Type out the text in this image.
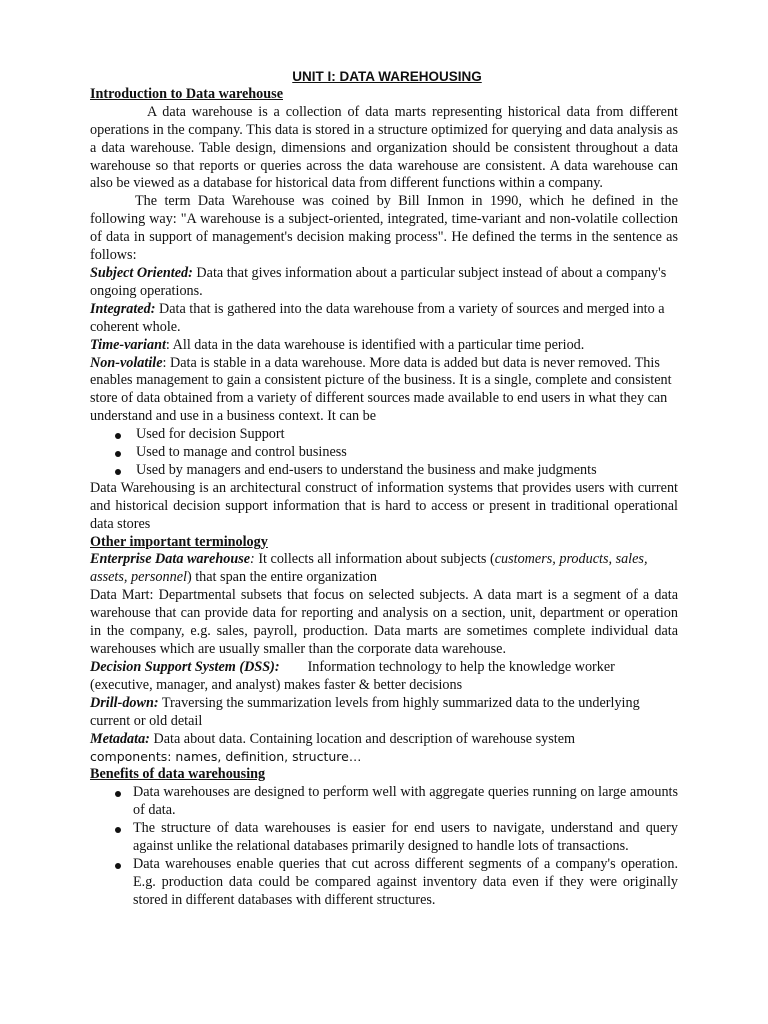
UNIT I: DATA WAREHOUSING
Introduction to Data warehouse

A data warehouse is a collection of data marts representing historical data from different operations in the company. This data is stored in a structure optimized for querying and data analysis as a data warehouse. Table design, dimensions and organization should be consistent throughout a data warehouse so that reports or queries across the data warehouse are consistent. A data warehouse can also be viewed as a database for historical data from different functions within a company.

The term Data Warehouse was coined by Bill Inmon in 1990, which he defined in the following way: "A warehouse is a subject-oriented, integrated, time-variant and non-volatile collection of data in support of management's decision making process". He defined the terms in the sentence as follows:

Subject Oriented: Data that gives information about a particular subject instead of about a company's ongoing operations.

Integrated: Data that is gathered into the data warehouse from a variety of sources and merged into a coherent whole.

Time-variant: All data in the data warehouse is identified with a particular time period.

Non-volatile: Data is stable in a data warehouse. More data is added but data is never removed. This enables management to gain a consistent picture of the business. It is a single, complete and consistent store of data obtained from a variety of different sources made available to end users in what they can understand and use in a business context. It can be

Used for decision Support
Used to manage and control business
Used by managers and end-users to understand the business and make judgments

Data Warehousing is an architectural construct of information systems that provides users with current and historical decision support information that is hard to access or present in traditional operational data stores

Other important terminology

Enterprise Data warehouse: It collects all information about subjects (customers, products, sales, assets, personnel) that span the entire organization

Data Mart: Departmental subsets that focus on selected subjects. A data mart is a segment of a data warehouse that can provide data for reporting and analysis on a section, unit, department or operation in the company, e.g. sales, payroll, production. Data marts are sometimes complete individual data warehouses which are usually smaller than the corporate data warehouse.

Decision Support System (DSS): Information technology to help the knowledge worker (executive, manager, and analyst) makes faster & better decisions

Drill-down: Traversing the summarization levels from highly summarized data to the underlying current or old detail

Metadata: Data about data. Containing location and description of warehouse system

components: names, definition, structure…

Benefits of data warehousing
Data warehouses are designed to perform well with aggregate queries running on large amounts of data.
The structure of data warehouses is easier for end users to navigate, understand and query against unlike the relational databases primarily designed to handle lots of transactions.
Data warehouses enable queries that cut across different segments of a company's operation. E.g. production data could be compared against inventory data even if they were originally stored in different databases with different structures.
